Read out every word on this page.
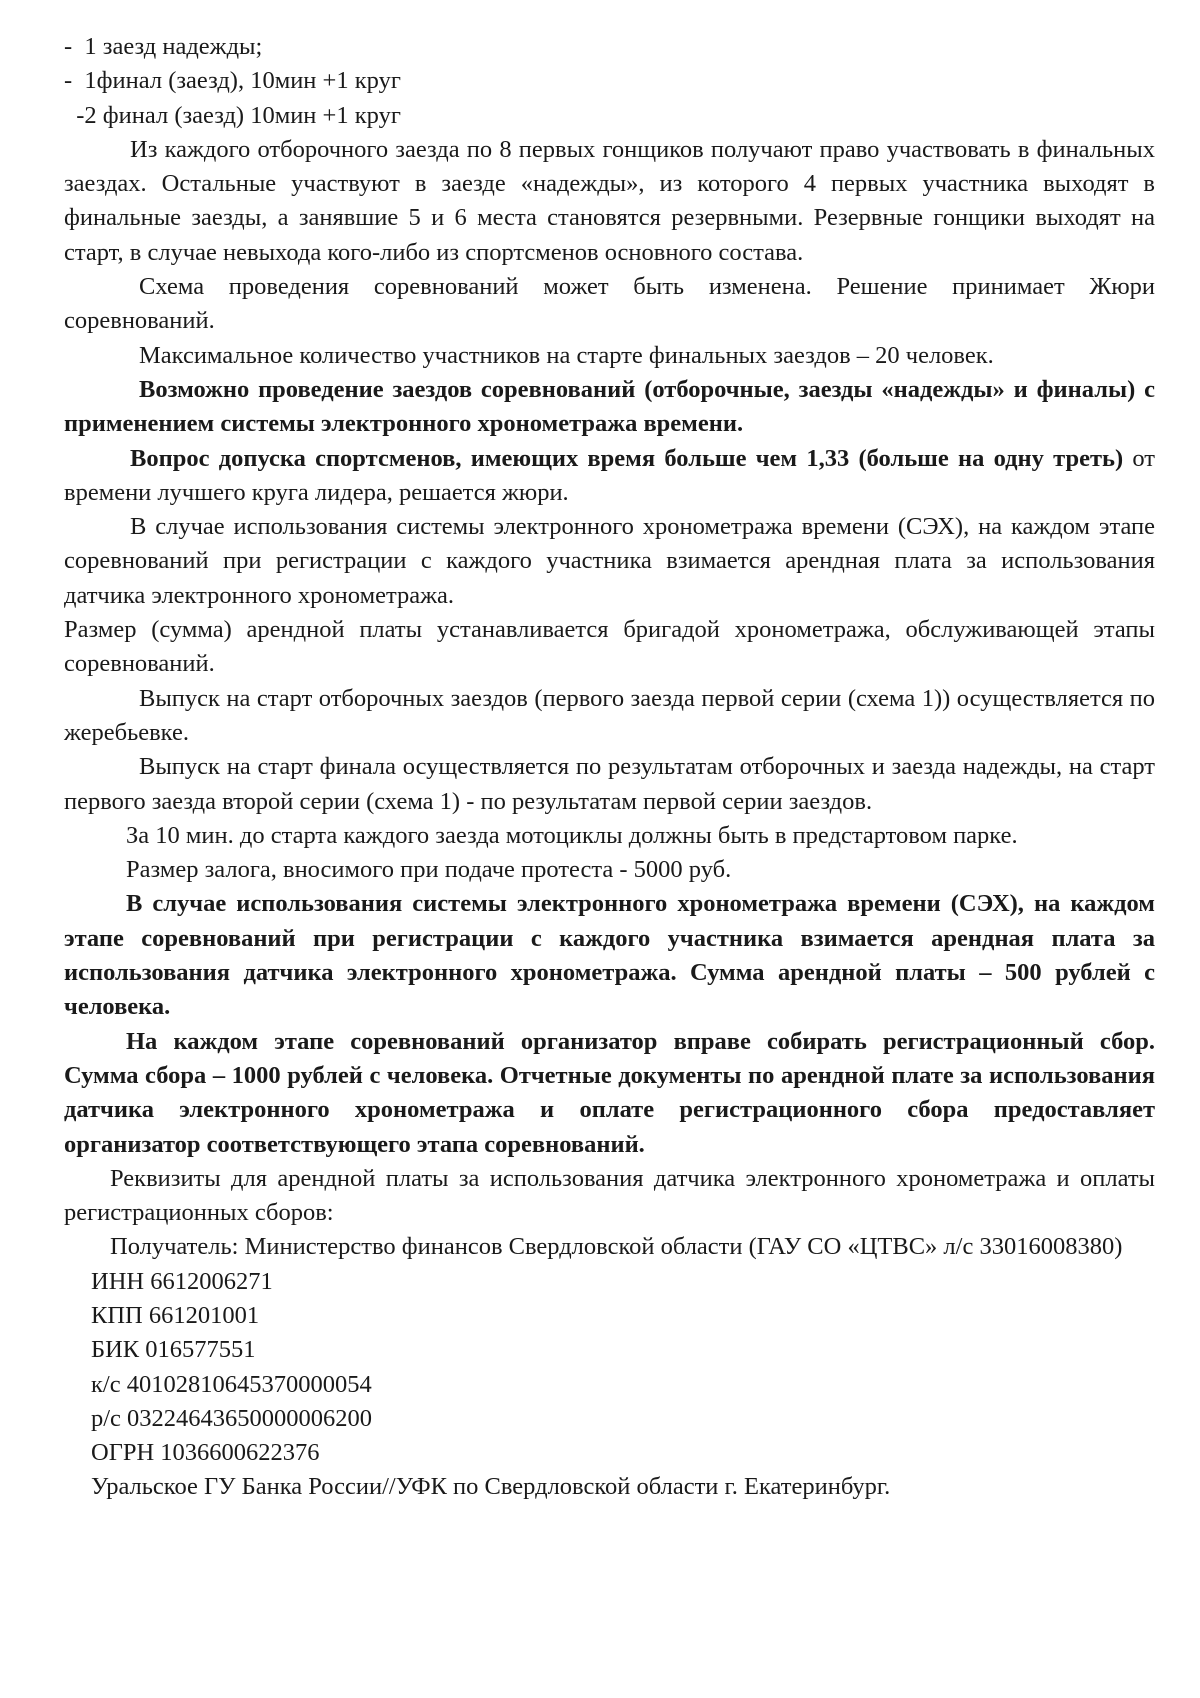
-  1 заезд надежды;

-  1финал (заезд), 10мин +1 круг

-2 финал (заезд) 10мин +1 круг

Из каждого отборочного заезда по 8 первых гонщиков получают право участвовать в финальных заездах. Остальные участвуют в заезде «надежды», из которого 4 первых участника выходят в финальные заезды, а занявшие 5 и 6 места становятся резервными. Резервные гонщики выходят на старт, в случае невыхода кого-либо из спортсменов основного состава.

Схема проведения соревнований может быть изменена. Решение принимает Жюри соревнований.

Максимальное количество участников на старте финальных заездов – 20 человек.

Возможно проведение заездов соревнований (отборочные, заезды «надежды» и финалы) с применением системы электронного хронометража времени.

Вопрос допуска спортсменов, имеющих время больше чем 1,33 (больше на одну треть) от времени лучшего круга лидера, решается жюри.

В случае использования системы электронного хронометража времени (СЭХ), на каждом этапе соревнований при регистрации с каждого участника взимается арендная плата за использования датчика электронного хронометража.

Размер (сумма) арендной платы устанавливается бригадой хронометража, обслуживающей этапы соревнований.

Выпуск на старт отборочных заездов (первого заезда первой серии (схема 1)) осуществляется по жеребьевке.

Выпуск на старт финала осуществляется по результатам отборочных и заезда надежды, на старт первого заезда второй серии (схема 1) - по результатам первой серии заездов.

За 10 мин. до старта каждого заезда мотоциклы должны быть в предстартовом парке.

Размер залога, вносимого при подаче протеста - 5000 руб.

В случае использования системы электронного хронометража времени (СЭХ), на каждом этапе соревнований при регистрации с каждого участника взимается арендная плата за использования датчика электронного хронометража. Сумма арендной платы – 500 рублей с человека.

На каждом этапе соревнований организатор вправе собирать регистрационный сбор. Сумма сбора – 1000 рублей с человека. Отчетные документы по арендной плате за использования датчика электронного хронометража и оплате регистрационного сбора предоставляет организатор соответствующего этапа соревнований.

Реквизиты для арендной платы за использования датчика электронного хронометража и оплаты регистрационных сборов:

Получатель: Министерство финансов Свердловской области (ГАУ СО «ЦТВС» л/с 33016008380)

ИНН 6612006271

КПП 661201001

БИК 016577551

к/с 40102810645370000054

р/с 03224643650000006200

ОГРН 1036600622376

Уральское ГУ Банка России//УФК по Свердловской области г. Екатеринбург.
